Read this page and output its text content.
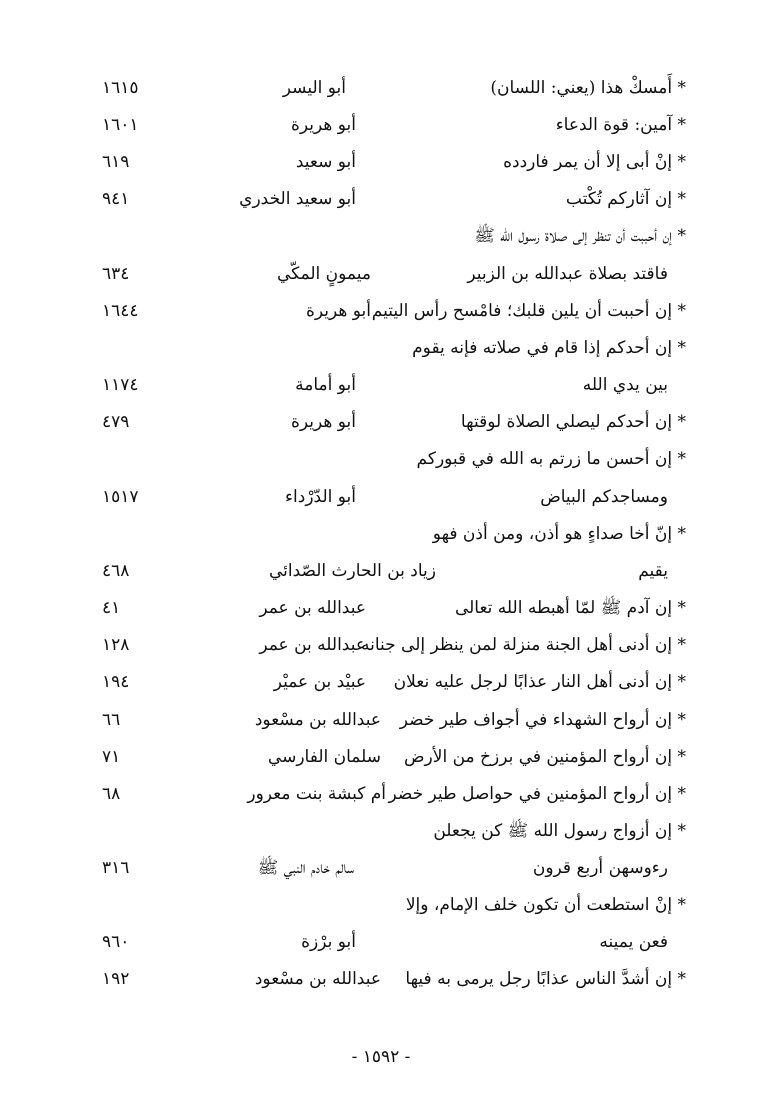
* أَمسكْ هذا (يعني: اللسان)
أبو اليسر
١٦١٥
* آمين: قوة الدعاء
أبو هريرة
١٦٠١
* إنْ أبى إلا أن يمر فاردده
أبو سعيد
٦١٩
* إن آثاركم تُكْتب
أبو سعيد الخدري
٩٤١
* إن أحببت أن تنظر إلى صلاة رسول الله ﷺ
فاقتد بصلاة عبدالله بن الزبير
ميمونٍ المكّي
٦٣٤
* إن أحببت أن يلين قلبك؛ فامْسح رأس اليتيم
أبو هريرة
١٦٤٤
* إن أحدكم إذا قام في صلاته فإنه يقوم
بين يدي الله
أبو أمامة
١١٧٤
* إن أحدكم ليصلي الصلاة لوقتها
أبو هريرة
٤٧٩
* إن أحسن ما زرتم به الله في قبوركم
ومساجدكم البياض
أبو الدّرْداء
١٥١٧
* إنّ أخا صداءٍ هو أذن، ومن أذن فهو
يقيم
زياد بن الحارث الصّدائي
٤٦٨
* إن آدم ﷺ لمّا أهبطه الله تعالى
عبدالله بن عمر
٤١
* إن أدنى أهل الجنة منزلة لمن ينظر إلى جنانه
عبدالله بن عمر
١٢٨
* إن أدنى أهل النار عذابًا لرجل عليه نعلان
عبيْد بن عميْر
١٩٤
* إن أرواح الشهداء في أجواف طير خضر
عبدالله بن مسْعود
٦٦
* إن أرواح المؤمنين في برزخ من الأرض
سلمان الفارسي
٧١
* إن أرواح المؤمنين في حواصل طير خضر
أم كبشة بنت معرور
٦٨
* إن أزواج رسول الله ﷺ كن يجعلن
رءوسهن أربع قرون
سالم خادم النبي ﷺ
٣١٦
* إنْ استطعت أن تكون خلف الإمام، وإلا
فعن يمينه
أبو برْزة
٩٦٠
* إن أشدَّ الناس عذابًا رجل يرمى به فيها
عبدالله بن مسْعود
١٩٢
- ١٥٩٢ -
